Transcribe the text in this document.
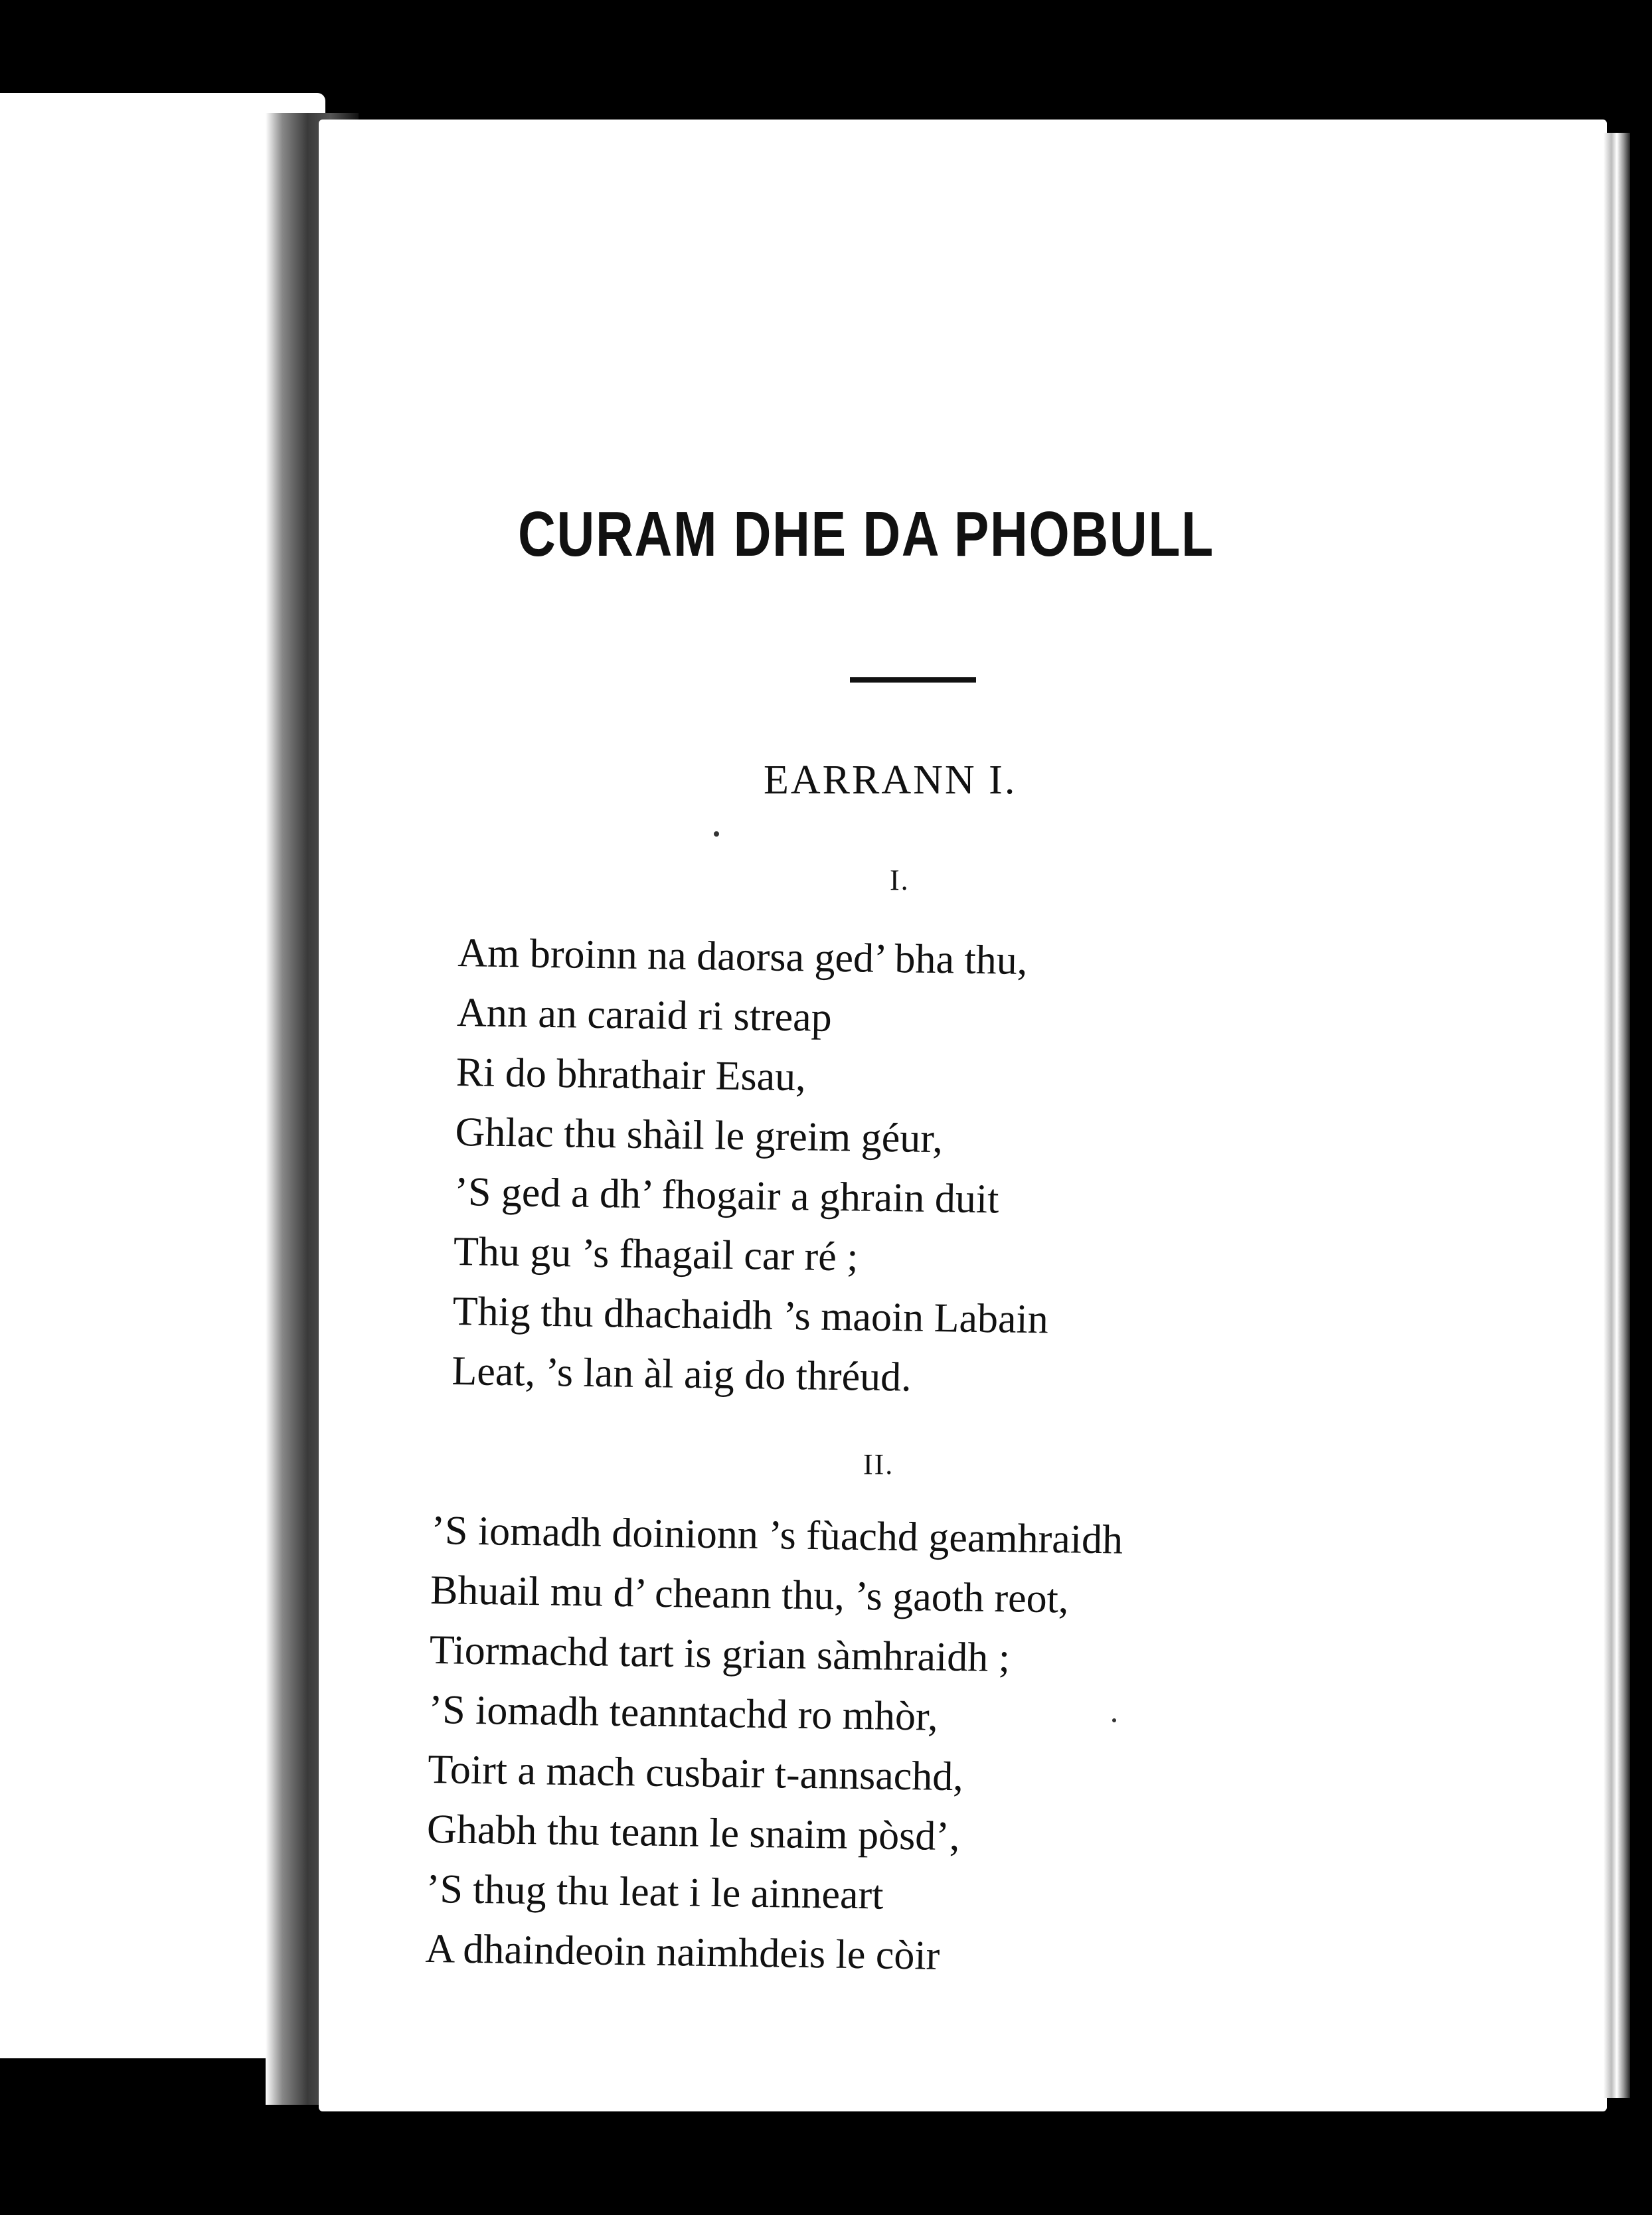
CURAM DHE DA PHOBULL
EARRANN I.
I.
Am broinn na daorsa ged’ bha thu,
Ann an caraid ri streap
Ri do bhrathair Esau,
Ghlac thu shàil le greim géur,
’S ged a dh’ fhogair a ghrain duit
Thu gu ’s fhagail car ré ;
Thig thu dhachaidh ’s maoin Labain
Leat, ’s lan àl aig do thréud.
II.
’S iomadh doinionn ’s fùachd geamhraidh
Bhuail mu d’ cheann thu, ’s gaoth reot,
Tiormachd tart is grian sàmhraidh ;
’S iomadh teanntachd ro mhòr,
Toirt a mach cusbair t-annsachd,
Ghabh thu teann le snaim pòsd’,
’S thug thu leat i le ainneart
A dhaindeoin naimhdeis le còir
